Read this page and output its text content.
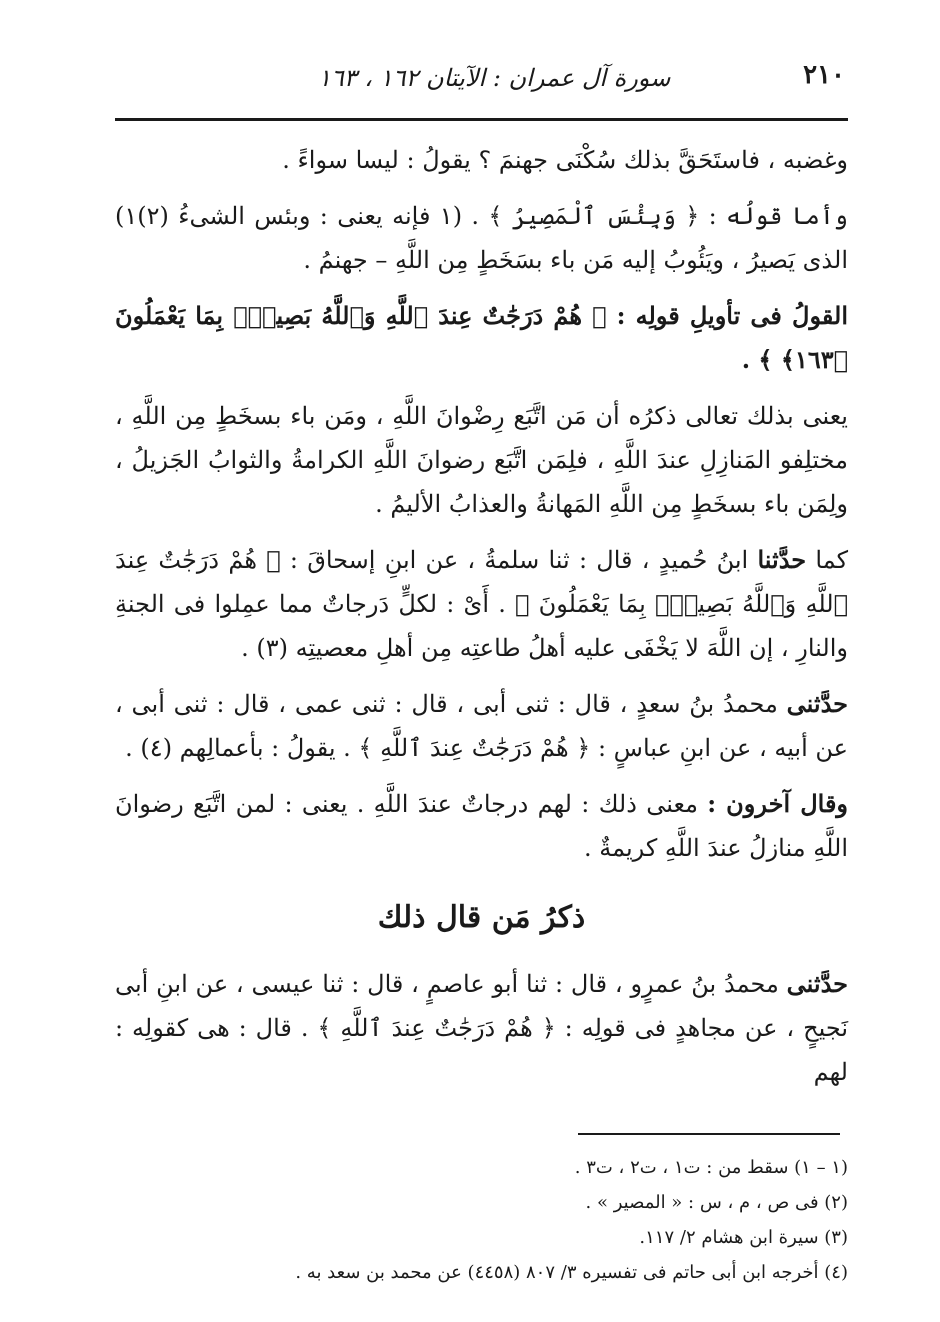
٢١٠
سورة آل عمران : الآيتان ١٦٢ ، ١٦٣

وغضبه ، فاستَحَقَّ بذلك سُكْنَى جهنمَ ؟ يقولُ : ليسا سواءً .

وأما قولُه : ﴿ وَبِئْسَ ٱلْمَصِيرُ ﴾ . (١ فإنه يعنى : وبئس الشىءُ (٢)١) الذى يَصيرُ ، ويَئُوبُ إليه مَن باء بسَخَطٍ مِن اللَّهِ – جهنمُ .

القولُ فى تأويلِ قولِه : ﴿ هُمْ دَرَجَٰتٌ عِندَ ٱللَّهِ وَٱللَّهُ بَصِيرٌۢ بِمَا يَعْمَلُونَ ﴿١٦٣﴾ ﴾ .

يعنى بذلك تعالى ذكرُه أن مَن اتَّبَع رِضْوانَ اللَّهِ ، ومَن باء بسخَطٍ مِن اللَّهِ ، مختلِفو المَنازِلِ عندَ اللَّهِ ، فلِمَن اتَّبَع رضوانَ اللَّهِ الكرامةُ والثوابُ الجَزيلُ ، ولِمَن باء بسخَطٍ مِن اللَّهِ المَهانةُ والعذابُ الأليمُ .

كما حدَّثنا ابنُ حُميدٍ ، قال : ثنا سلمةُ ، عن ابنِ إسحاقَ : ﴿ هُمْ دَرَجَٰتٌ عِندَ ٱللَّهِ وَٱللَّهُ بَصِيرٌۢ بِمَا يَعْمَلُونَ ﴾ . أَىْ : لكلٍّ دَرجاتٌ مما عمِلوا فى الجنةِ والنارِ ، إن اللَّهَ لا يَخْفَى عليه أهلُ طاعتِه مِن أهلِ معصيتِه (٣) .

حدَّثنى محمدُ بنُ سعدٍ ، قال : ثنى أبى ، قال : ثنى عمى ، قال : ثنى أبى ، عن أبيه ، عن ابنِ عباسٍ : ﴿ هُمْ دَرَجَٰتٌ عِندَ ٱللَّهِ ﴾ . يقولُ : بأعمالِهم (٤) .

وقال آخرون : معنى ذلك : لهم درجاتٌ عندَ اللَّهِ . يعنى : لمن اتَّبَع رضوانَ اللَّهِ منازلُ عندَ اللَّهِ كريمةٌ .

ذكرُ مَن قال ذلك

حدَّثنى محمدُ بنُ عمرٍو ، قال : ثنا أبو عاصمٍ ، قال : ثنا عيسى ، عن ابنِ أبى نَجيحٍ ، عن مجاهدٍ فى قولِه : ﴿ هُمْ دَرَجَٰتٌ عِندَ ٱللَّهِ ﴾ . قال : هى كقولِه : لهم

(١ – ١) سقط من : ت١ ، ت٢ ، ت٣ .

(٢) فى ص ، م ، س : « المصير » .

(٣) سيرة ابن هشام ٢/ ١١٧.

(٤) أخرجه ابن أبى حاتم فى تفسيره ٣/ ٨٠٧ (٤٤٥٨) عن محمد بن سعد به .
